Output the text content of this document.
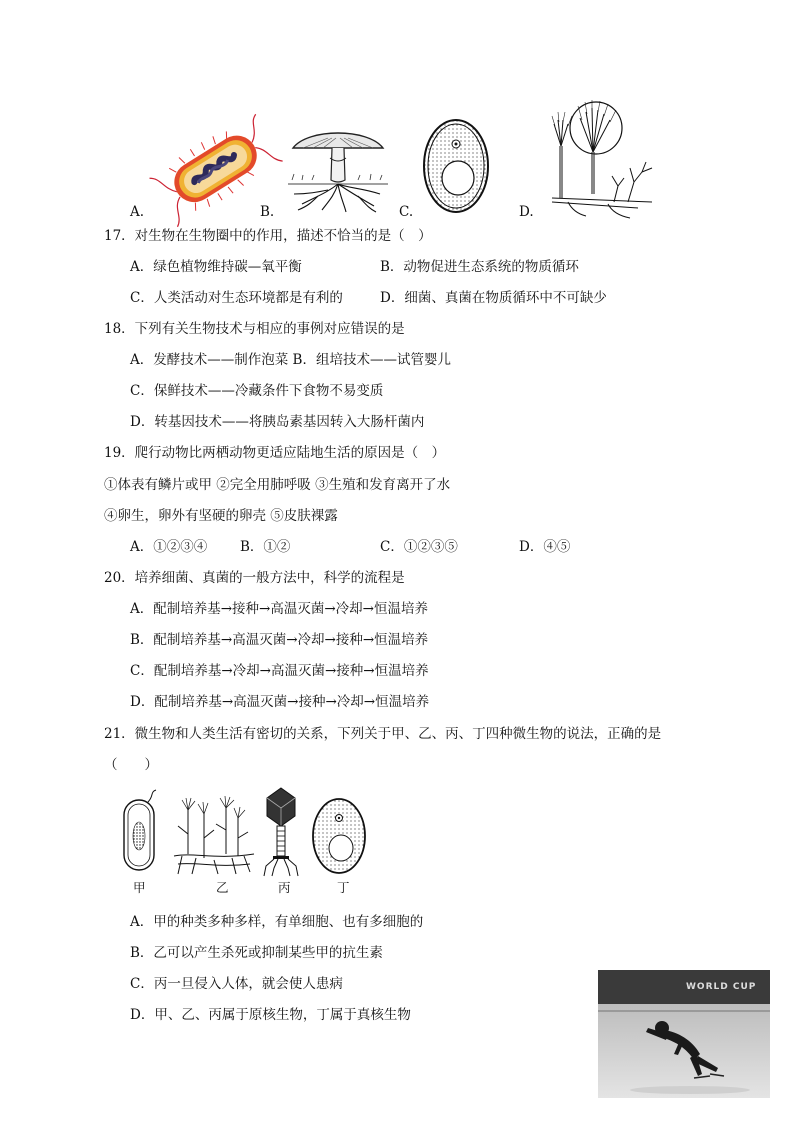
A.	B.	C.	D.
17．对生物在生物圈中的作用，描述不恰当的是（　）
A．绿色植物维持碳—氧平衡	B．动物促进生态系统的物质循环
C．人类活动对生态环境都是有利的	D．细菌、真菌在物质循环中不可缺少
18．下列有关生物技术与相应的事例对应错误的是
A．发酵技术——制作泡菜 B．组培技术——试管婴儿
C．保鲜技术——冷藏条件下食物不易变质
D．转基因技术——将胰岛素基因转入大肠杆菌内
19．爬行动物比两栖动物更适应陆地生活的原因是（　）
①体表有鳞片或甲 ②完全用肺呼吸 ③生殖和发育离开了水
④卵生，卵外有坚硬的卵壳 ⑤皮肤裸露
A．①②③④ B．①②	C．①②③⑤	D．④⑤
20．培养细菌、真菌的一般方法中，科学的流程是
A．配制培养基→接种→高温灭菌→冷却→恒温培养
B．配制培养基→高温灭菌→冷却→接种→恒温培养
C．配制培养基→冷却→高温灭菌→接种→恒温培养
D．配制培养基→高温灭菌→接种→冷却→恒温培养
21．微生物和人类生活有密切的关系，下列关于甲、乙、丙、丁四种微生物的说法，正确的是
（　　）
甲	乙	丙	丁
A．甲的种类多种多样，有单细胞、也有多细胞的
B．乙可以产生杀死或抑制某些甲的抗生素
C．丙一旦侵入人体，就会使人患病
D．甲、乙、丙属于原核生物，丁属于真核生物
WORLD CUP
